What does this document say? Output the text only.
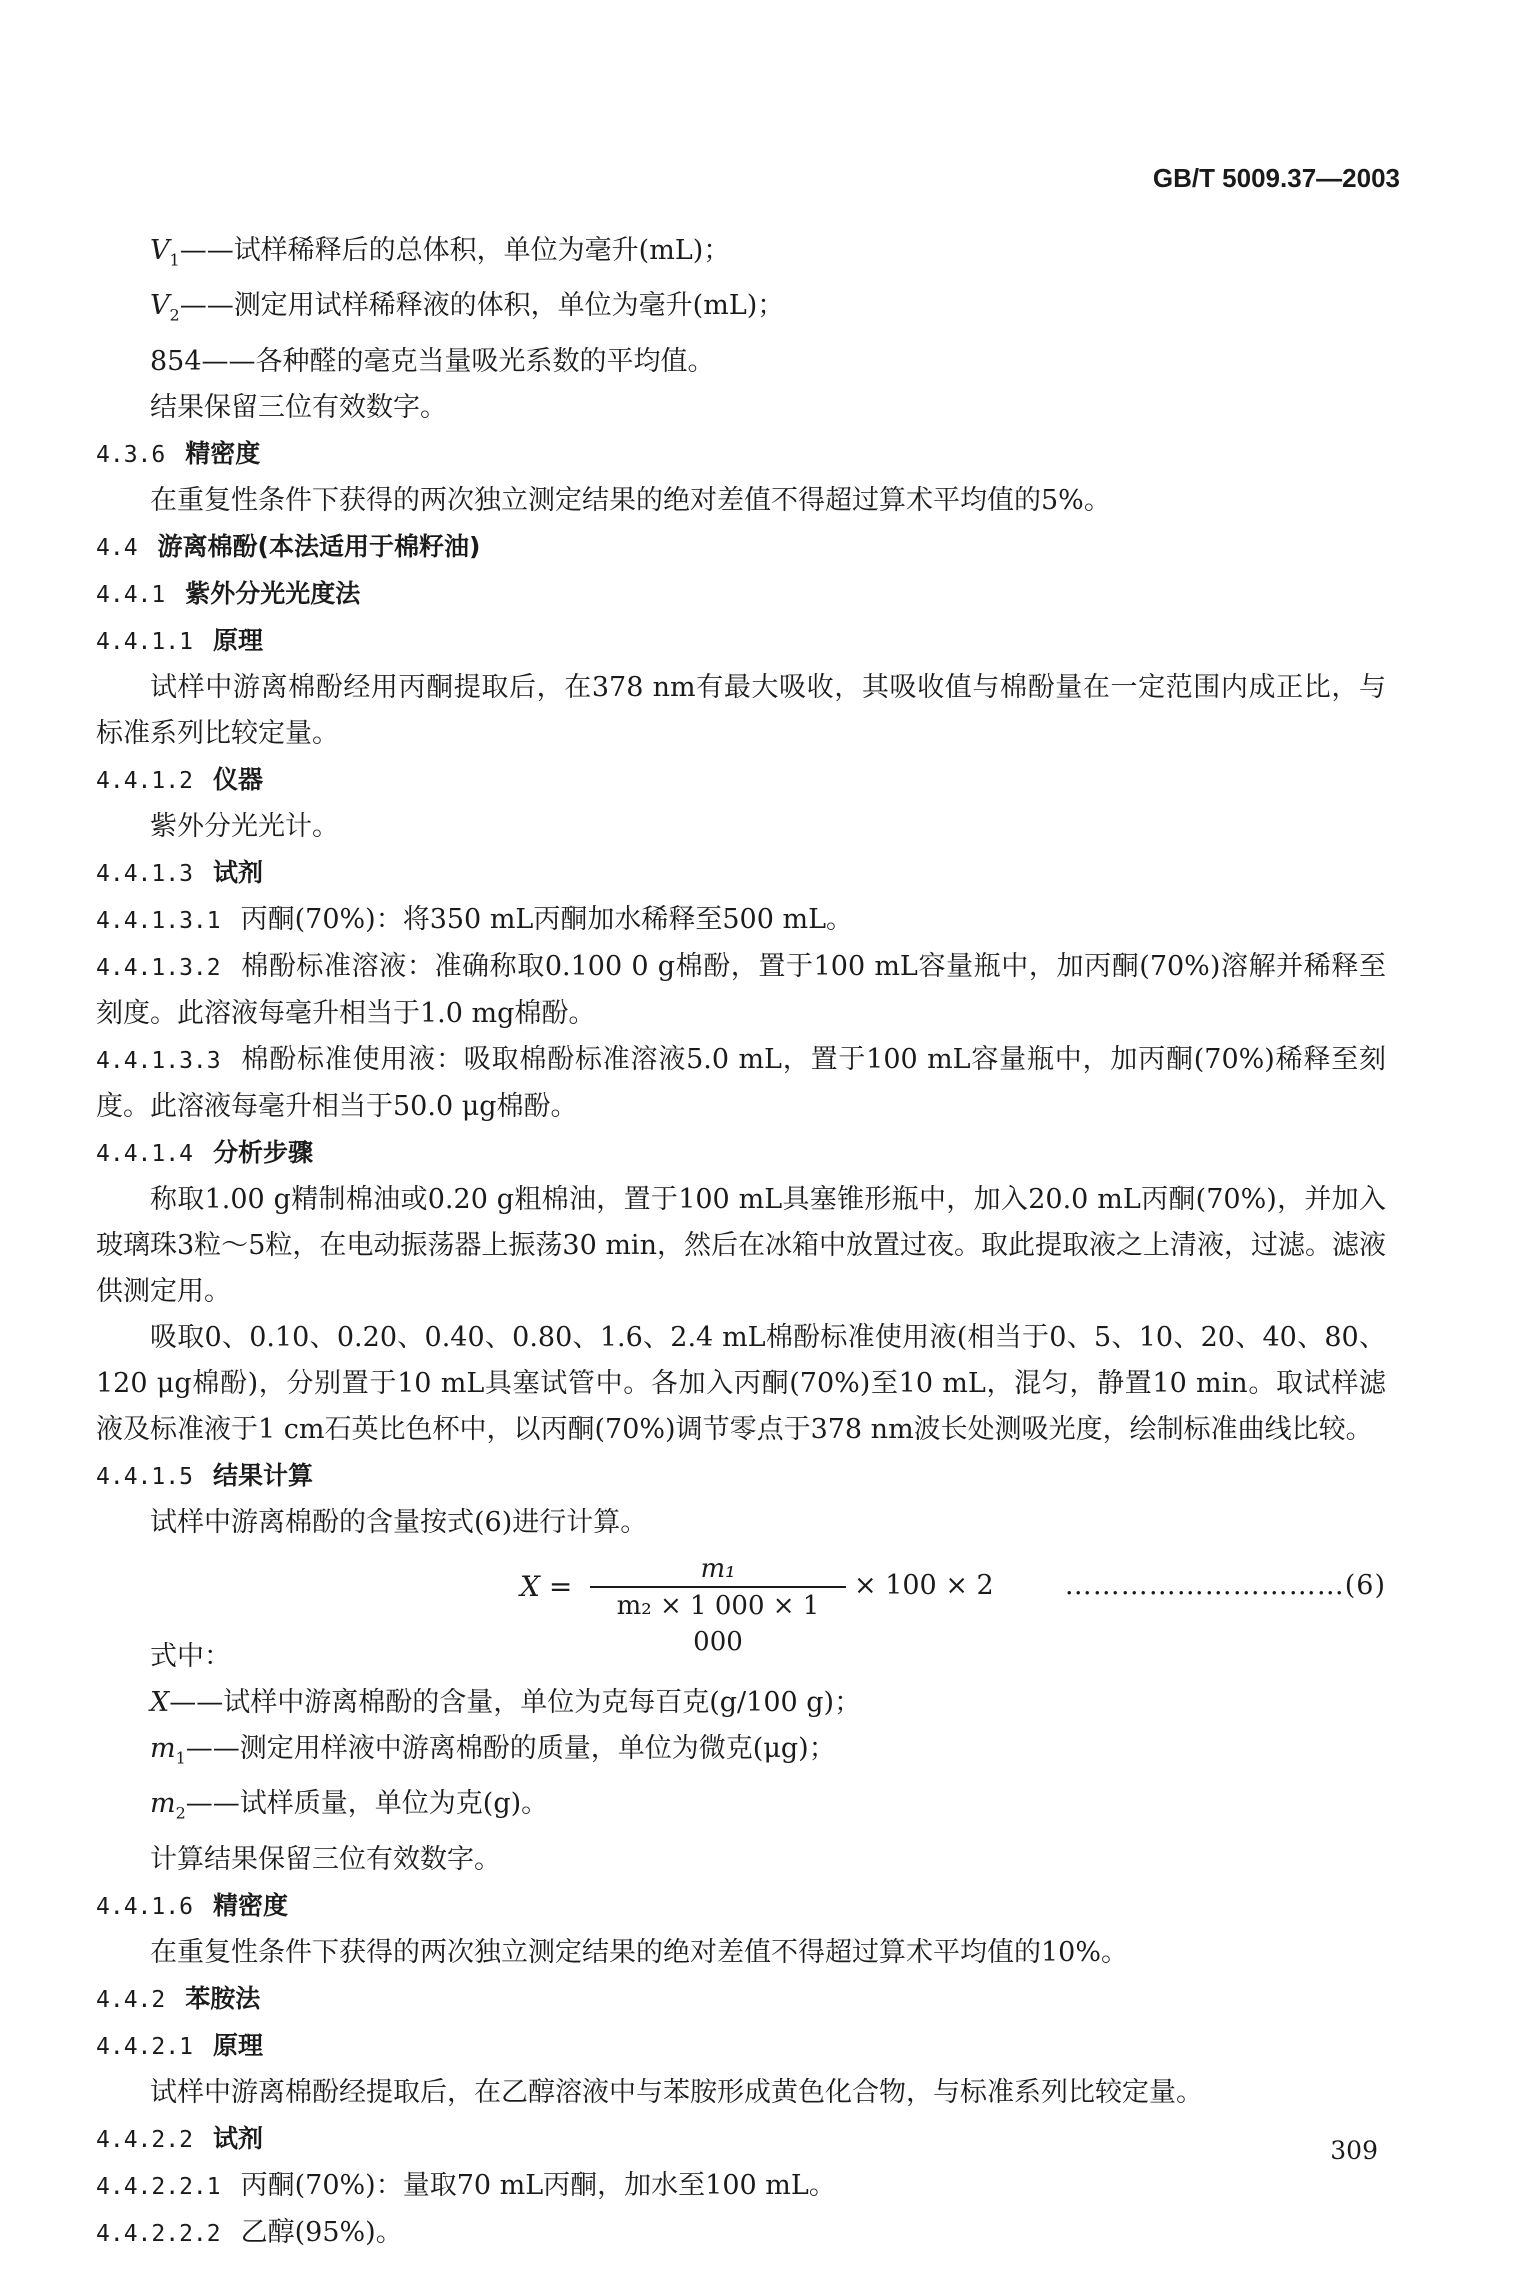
GB/T 5009.37—2003
$V_1——$试样稀释后的总体积，单位为毫升(mL)；
$V_2——$测定用试样稀释液的体积，单位为毫升(mL)；
854——各种醛的毫克当量吸光系数的平均值。
结果保留三位有效数字。
4.3.6 精密度

在重复性条件下获得的两次独立测定结果的绝对差值不得超过算术平均值的5%。

4.4 游离棉酚(本法适用于棉籽油)
4.4.1 紫外分光光度法
4.4.1.1 原理

试样中游离棉酚经用丙酮提取后，在378 nm有最大吸收，其吸收值与棉酚量在一定范围内成正比，与标准系列比较定量。

4.4.1.2 仪器

紫外分光光计。

4.4.1.3 试剂
4.4.1.3.1 丙酮(70%)：将350 mL丙酮加水稀释至500 mL。

4.4.1.3.2 棉酚标准溶液：准确称取0.100 0 g棉酚，置于100 mL容量瓶中，加丙酮(70%)溶解并稀释至刻度。此溶液每毫升相当于1.0 mg棉酚。

4.4.1.3.3 棉酚标准使用液：吸取棉酚标准溶液5.0 mL，置于100 mL容量瓶中，加丙酮(70%)稀释至刻度。此溶液每毫升相当于50.0 μg棉酚。

4.4.1.4 分析步骤

称取1.00 g精制棉油或0.20 g粗棉油，置于100 mL具塞锥形瓶中，加入20.0 mL丙酮(70%)，并加入玻璃珠3粒～5粒，在电动振荡器上振荡30 min，然后在冰箱中放置过夜。取此提取液之上清液，过滤。滤液供测定用。

吸取0、0.10、0.20、0.40、0.80、1.6、2.4 mL棉酚标准使用液(相当于0、5、10、20、40、80、120 μg棉酚)，分别置于10 mL具塞试管中。各加入丙酮(70%)至10 mL，混匀，静置10 min。取试样滤液及标准液于1 cm石英比色杯中，以丙酮(70%)调节零点于378 nm波长处测吸光度，绘制标准曲线比较。

4.4.1.5 结果计算

试样中游离棉酚的含量按式(6)进行计算。

X =
m₁
m₂ × 1 000 × 1 000
× 100 × 2	…………………………(6)
式中：
X——试样中游离棉酚的含量，单位为克每百克(g/100 g)；
$m_1——$测定用样液中游离棉酚的质量，单位为微克(μg)；
$m_2——$试样质量，单位为克(g)。
计算结果保留三位有效数字。
4.4.1.6 精密度

在重复性条件下获得的两次独立测定结果的绝对差值不得超过算术平均值的10%。

4.4.2 苯胺法
4.4.2.1 原理

试样中游离棉酚经提取后，在乙醇溶液中与苯胺形成黄色化合物，与标准系列比较定量。

4.4.2.2 试剂
4.4.2.2.1 丙酮(70%)：量取70 mL丙酮，加水至100 mL。
4.4.2.2.2 乙醇(95%)。
309
